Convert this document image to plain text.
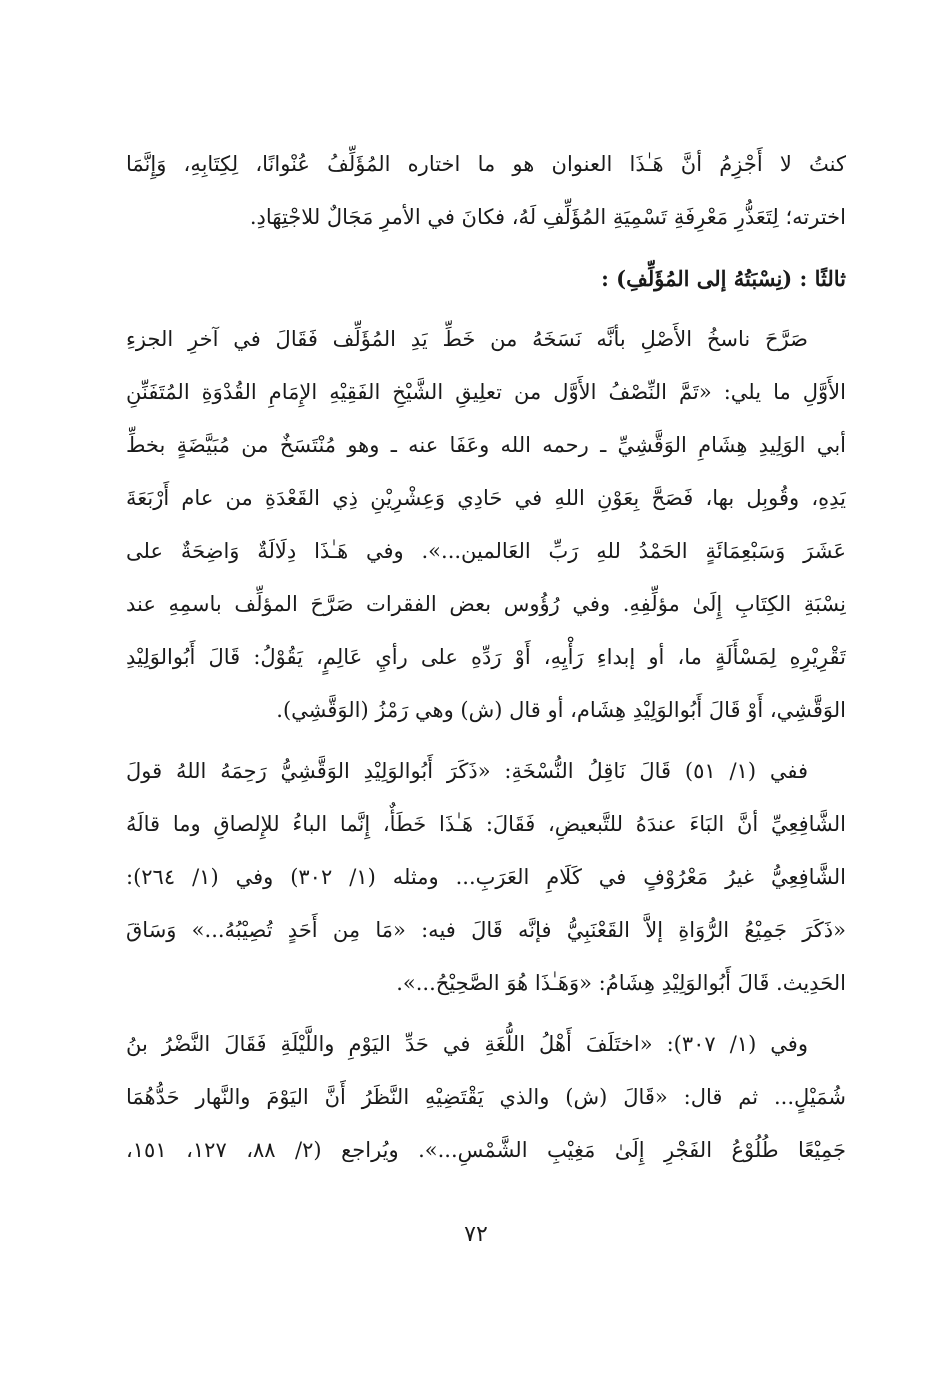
كنتُ لا أَجْزِمُ أنَّ هَـٰذَا العنوان هو ما اختاره المُؤَلِّفُ عُنْوانًا، لِكِتَابِهِ، وَإِنَّمَا
اخترته؛ لِتَعَذُّرِ مَعْرِفَةِ تَسْمِيَةِ المُؤَلِّفِ لَهُ، فكانَ في الأمرِ مَجَالٌ للاجْتِهَادِ.
ثالثًا : (نِسْبَتُهُ إلى المُؤَلِّفِ) :
صَرَّحَ ناسخُ الأَصْلِ بأنَّه نَسَخَهُ من خَطِّ يَدِ المُؤَلِّف فَقَالَ في آخرِ الجزءِ
الأَوَّلِ ما يلي: «تَمَّ النِّصْفُ الأَوَّل من تعلِيقِ الشَّيْخِ الفَقِيْهِ الإِمَامِ القُدْوَةِ المُتَفَنِّنِ
أبي الوَلِيدِ هِشَامِ الوَقَّشِيِّ ـ رحمه الله وعَفَا عنه ـ وهو مُنْتَسَخٌ من مُبَيَّضَةٍ بخطِّ
يَدِهِ، وقُوبِل بها، فَصَحَّ بِعَوْنِ اللهِ في حَادِي وَعِشْرِيْنِ ذِي القَعْدَةِ من عام أَرْبَعَةَ
عَشَرَ وَسَبْعِمَائَةٍ الحَمْدُ للهِ رَبِّ العَالمين...». وفي هَـٰذَا دِلَالَةٌ وَاضِحَةٌ على
نِسْبَةِ الكِتَابِ إِلَىٰ مؤلِّفِهِ. وفي رُؤُوس بعض الفقرات صَرَّحَ المؤلِّف باسمِهِ عند
تَقْرِيْرِهِ لِمَسْأَلَةٍ ما، أو إبداءِ رَأْيِهِ، أَوْ رَدِّهِ على رأيِ عَالِمٍ، يَقُوْلُ: قَالَ أَبُوالوَلِيْدِ
الوَقَّشِي، أَوْ قَالَ أَبُوالوَلِيْدِ هِشَام، أو قال (ش) وهي رَمْزُ (الوَقَّشِي).
ففي (١/ ٥١) قَالَ نَاقِلُ النُّسْخَةِ: «ذَكَرَ أَبُوالوَلِيْدِ الوَقَّشِيُّ رَحِمَهُ اللهُ قولَ
الشَّافِعِيِّ أنَّ البَاءَ عندَهُ للتَّبعيضِ، فَقَالَ: هَـٰذَا خَطَأٌ، إِنَّما الباءُ للإِلصاقِ وما قالَهُ
الشَّافِعِيُّ غيرُ مَعْرُوْفٍ في كَلَامِ العَرَبِ... ومثله (١/ ٣٠٢) وفي (١/ ٢٦٤):
«ذَكَرَ جَمِيْعُ الرُّوَاةِ إلاَّ القَعْنَبِيُّ فإنَّه قَالَ فيه: «مَا مِن أَحَدٍ تُصِيْبُهُ...» وَسَاقَ
الحَدِيث. قَالَ أَبُوالوَلِيْدِ هِشَامُ: «وَهَـٰذَا هُوَ الصَّحِيْحُ...».
وفي (١/ ٣٠٧): «اختَلَفَ أَهْلُ اللُّغَةِ في حَدِّ اليَوْمِ واللَّيْلَةِ فَقَالَ النَّضْرُ بنُ
شُمَيْلٍ... ثم قال: «قَالَ (ش) والذي يَقْتَضِيْهِ النَّظَرُ أَنَّ اليَوْمَ والنَّهار حَدُّهُمَا
جَمِيْعًا طُلُوْعُ الفَجْرِ إِلَىٰ مَغِيْبِ الشَّمْسِ...». ويُراجع (٢/ ٨٨، ١٢٧، ١٥١،
٧٢
